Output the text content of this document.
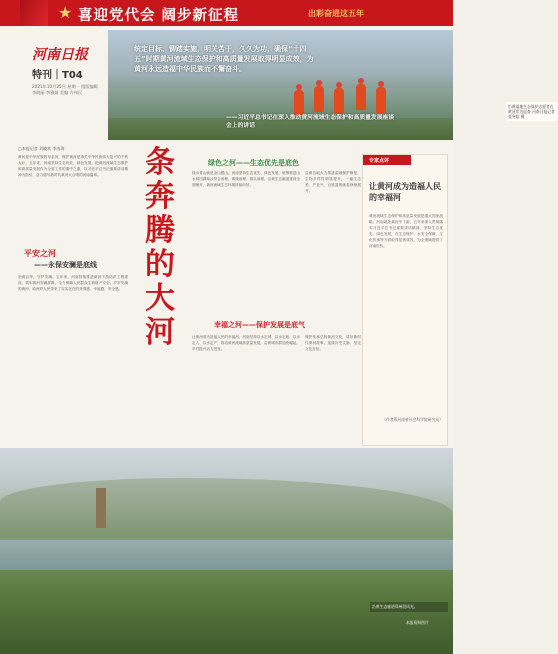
★ 喜迎党代会 阔步新征程	出彩奋进这五年
河南日报
特刊｜T04
2021年10月25日 星期一 组版编辑 李晓丽 李雅娟 美编 方伟民
统定目标、铆踏实施，明关苦干，久久为功，确保“十四五”时期黄河流域生态保护和高质量发展取得明显成效，为黄河永远造福中华民族而不懈奋斗。
——习近平总书记在深入推动黄河流域生态保护和高质量发展座谈会上的讲话
沿黄湿地生态保护志愿者在黄河岸边巡查 河南日报记者 聂冬晗 摄
□本报记者 刘晓欢 李由海
黄河是中华民族的母亲河，保护黄河是事关中华民族伟大复兴的千秋大计。五年来，河南坚持生态优先、绿色发展，把黄河流域生态保护和高质量发展作为全省工作的重中之重，以习近平总书记重要讲话精神为指引，奋力谱写新时代黄河大合唱的河南篇章。
平安之河
——永保安澜是底线
治黄百年，守护安澜。五年来，河南持续推进黄河下游防洪工程建设，筑牢黄河安澜屏障，全力保障人民群众生命财产安全。岁岁安澜的黄河，给两岸人民带来了实实在在的获得感、幸福感、安全感。
条奔腾的大河
绿色之河——生态优先是底色
绿水青山就是金山银山。河南坚持生态优先、绿色发展，统筹推进山水林田湖草沙综合治理、系统治理、源头治理，沿黄生态廊道建设全面铺开，黄河流域生态环境持续向好。
沿黄各地大力推进湿地保护修复，生物多样性明显提升，一幅生态美、产业兴、百姓富的画卷徐徐展开。
幸福之河——保护发展是底气
让黄河成为造福人民的幸福河。河南坚持以水定城、以水定地、以水定人、以水定产，推动黄河流域高质量发展，沿黄城市群加快崛起，乡村振兴活力迸发。
保护传承弘扬黄河文化，讲好新时代黄河故事，延续历史文脉，坚定文化自信。
专家点评
让黄河成为造福人民的幸福河
黄河流域生态保护和高质量发展是重大国家战略。河南地处黄河中下游，五年来深入贯彻落实习近平总书记重要讲话精神，坚持生态优先、绿色发展，在生态保护、水安全保障、文化传承等方面取得显著成效，为全流域提供了河南经验。
（作者系河南省社会科学院研究员）
沿黄生态廊道郑州段风光。
本报资料图片
